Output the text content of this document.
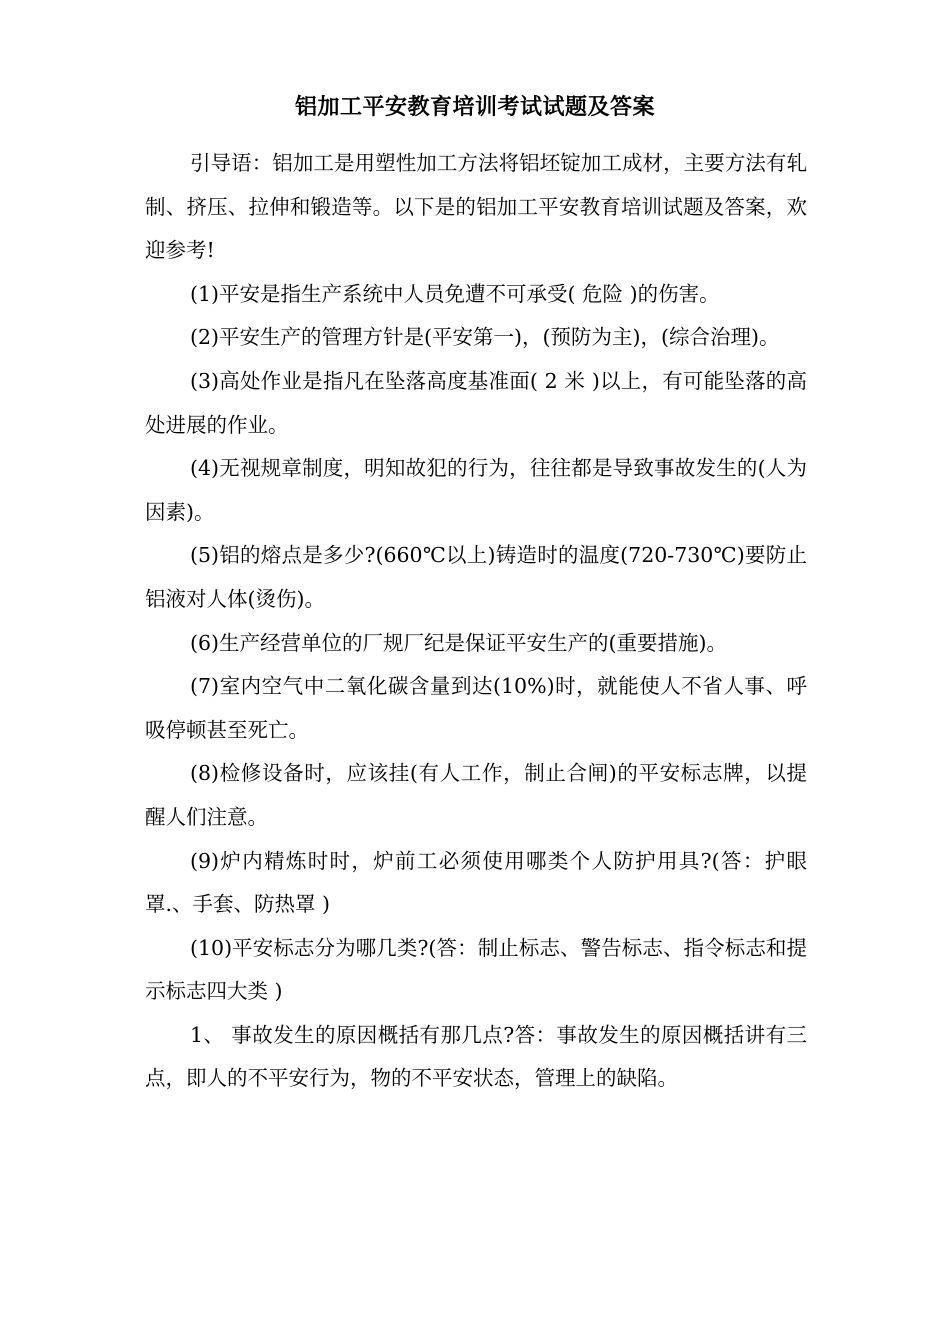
铝加工平安教育培训考试试题及答案

引导语：铝加工是用塑性加工方法将铝坯锭加工成材，主要方法有轧制、挤压、拉伸和锻造等。以下是的铝加工平安教育培训试题及答案，欢迎参考!

(1)平安是指生产系统中人员免遭不可承受( 危险 )的伤害。

(2)平安生产的管理方针是(平安第一)，(预防为主)，(综合治理)。

(3)高处作业是指凡在坠落高度基准面( 2 米 )以上，有可能坠落的高处进展的作业。

(4)无视规章制度，明知故犯的行为，往往都是导致事故发生的(人为因素)。

(5)铝的熔点是多少?(660℃以上)铸造时的温度(720-730℃)要防止铝液对人体(烫伤)。

(6)生产经营单位的厂规厂纪是保证平安生产的(重要措施)。

(7)室内空气中二氧化碳含量到达(10%)时，就能使人不省人事、呼吸停顿甚至死亡。

(8)检修设备时，应该挂(有人工作，制止合闸)的平安标志牌，以提醒人们注意。

(9)炉内精炼时时，炉前工必须使用哪类个人防护用具?(答：护眼罩.、手套、防热罩 )

(10)平安标志分为哪几类?(答：制止标志、警告标志、指令标志和提示标志四大类 )

1、 事故发生的原因概括有那几点?答：事故发生的原因概括讲有三点，即人的不平安行为，物的不平安状态，管理上的缺陷。
